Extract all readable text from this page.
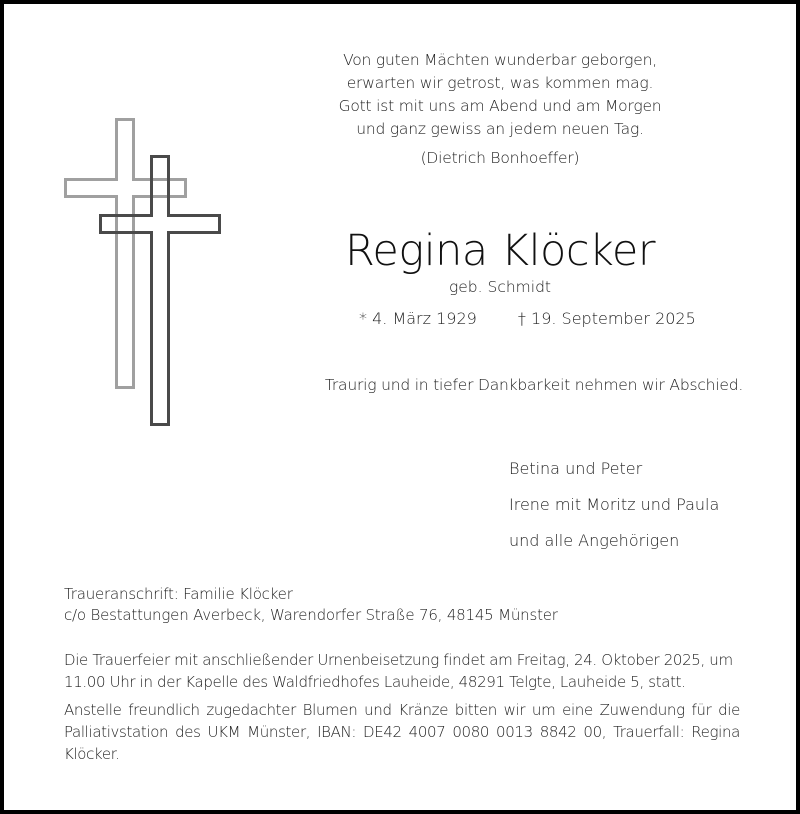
Von guten Mächten wunderbar geborgen,
erwarten wir getrost, was kommen mag.
Gott ist mit uns am Abend und am Morgen
und ganz gewiss an jedem neuen Tag.
(Dietrich Bonhoeffer)
Regina Klöcker
geb. Schmidt
* 4. März 1929	† 19. September 2025
Traurig und in tiefer Dankbarkeit nehmen wir Abschied.
Betina und Peter
Irene mit Moritz und Paula
und alle Angehörigen
Traueranschrift: Familie Klöcker
c/o Bestattungen Averbeck, Warendorfer Straße 76, 48145 Münster
Die Trauerfeier mit anschließender Urnenbeisetzung findet am Freitag, 24. Oktober 2025, um 11.00 Uhr in der Kapelle des Waldfriedhofes Lauheide, 48291 Telgte, Lauheide 5, statt.
Anstelle freundlich zugedachter Blumen und Kränze bitten wir um eine Zuwendung für die Palliativstation des UKM Münster, IBAN: DE42 4007 0080 0013 8842 00, Trauerfall: Regina Klöcker.
